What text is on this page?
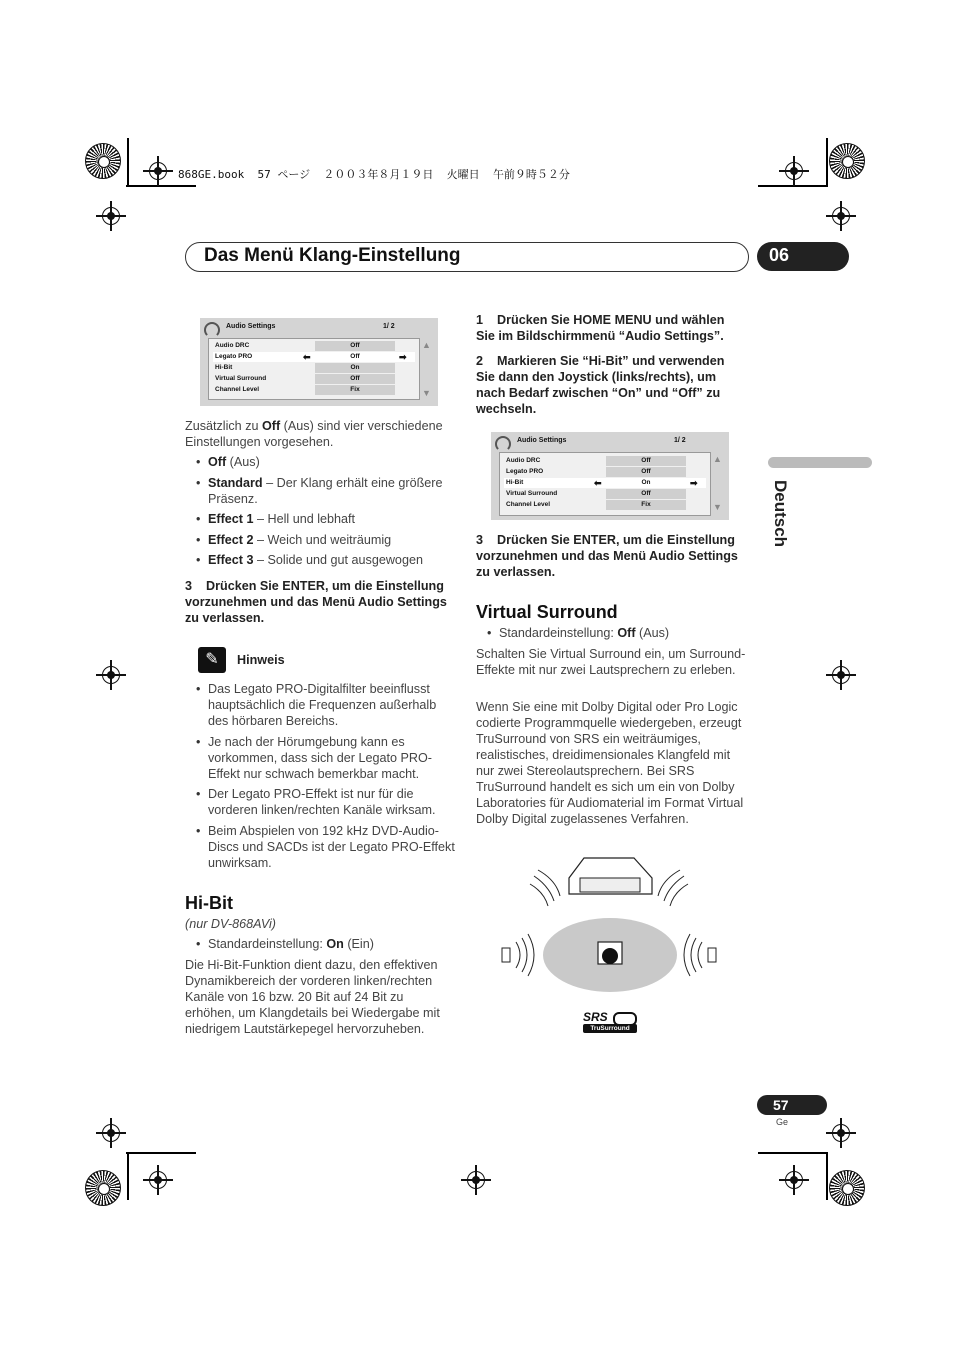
868GE.book  57 ページ  ２００３年８月１９日  火曜日  午前９時５２分
Das Menü Klang-Einstellung	06
Deutsch
Audio Settings	1/ 2
Audio DRC	Off
Legato PRO	⬅	Off	➡
Hi-Bit	On
Virtual Surround	Off
Channel Level	Fix
▲
▼
Zusätzlich zu Off (Aus) sind vier verschiedene Einstellungen vorgesehen.
• Off (Aus)
• Standard – Der Klang erhält eine größere Präsenz.
• Effect 1 – Hell und lebhaft
• Effect 2 – Weich und weiträumig
• Effect 3 – Solide und gut ausgewogen
3    Drücken Sie ENTER, um die Einstellung vorzunehmen und das Menü Audio Settings zu verlassen.
✎	Hinweis
• Das Legato PRO-Digitalfilter beeinflusst hauptsächlich die Frequenzen außerhalb des hörbaren Bereichs.
• Je nach der Hörumgebung kann es vorkommen, dass sich der Legato PRO-Effekt nur schwach bemerkbar macht.
• Der Legato PRO-Effekt ist nur für die vorderen linken/rechten Kanäle wirksam.
• Beim Abspielen von 192 kHz DVD-Audio-Discs und SACDs ist der Legato PRO-Effekt unwirksam.
Hi-Bit
(nur DV-868AVi)
• Standardeinstellung: On (Ein)
Die Hi-Bit-Funktion dient dazu, den effektiven Dynamikbereich der vorderen linken/rechten Kanäle von 16 bzw. 20 Bit auf 24 Bit zu erhöhen, um Klangdetails bei Wiedergabe mit niedrigem Lautstärkepegel hervorzuheben.
1    Drücken Sie HOME MENU und wählen Sie im Bildschirmmenü “Audio Settings”.
2    Markieren Sie “Hi-Bit” und verwenden Sie dann den Joystick (links/rechts), um nach Bedarf zwischen “On” und “Off” zu wechseln.
Audio Settings	1/ 2
Audio DRC	Off
Legato PRO	Off
Hi-Bit	⬅	On	➡
Virtual Surround	Off
Channel Level	Fix
▲
▼
3    Drücken Sie ENTER, um die Einstellung vorzunehmen und das Menü Audio Settings zu verlassen.
Virtual Surround
• Standardeinstellung: Off (Aus)
Schalten Sie Virtual Surround ein, um Surround-Effekte mit nur zwei Lautsprechern zu erleben.
Wenn Sie eine mit Dolby Digital oder Pro Logic codierte Programmquelle wiedergeben, erzeugt TruSurround von SRS ein weiträumiges, realistisches, dreidimensionales Klangfeld mit nur zwei Stereolautsprechern. Bei SRS TruSurround handelt es sich um ein von Dolby Laboratories für Audiomaterial im Format Virtual Dolby Digital zugelassenes Verfahren.
SRS
TruSurround
57
Ge
